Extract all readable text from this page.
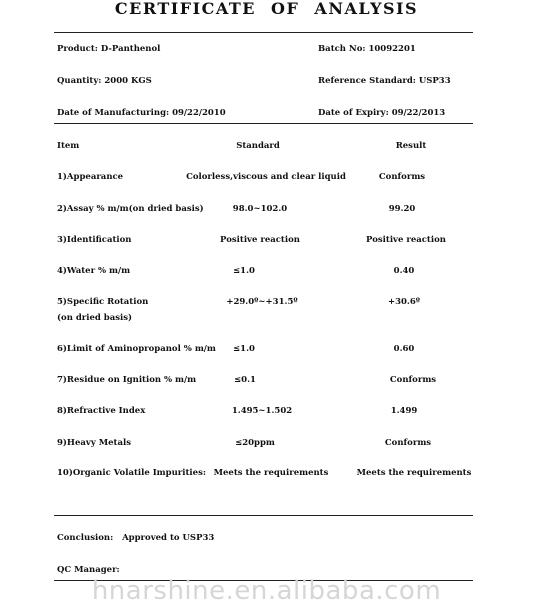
CERTIFICATE OF ANALYSIS
Product: D-Panthenol	Batch No: 10092201
Quantity: 2000 KGS	Reference Standard: USP33
Date of Manufacturing: 09/22/2010	Date of Expiry: 09/22/2013
Item	Standard	Result
1)Appearance	Colorless,viscous and clear liquid	Conforms
2)Assay % m/m(on dried basis)	98.0~102.0	99.20
3)Identification	Positive reaction	Positive reaction
4)Water % m/m	≤1.0	0.40
5)Specific Rotation
(on dried basis)
+29.0º~+31.5º	+30.6º
6)Limit of Aminopropanol % m/m ≤1.0	0.60
7)Residue on Ignition % m/m	≤0.1	Conforms
8)Refractive Index	1.495~1.502	1.499
9)Heavy Metals	≤20ppm	Conforms
10)Organic Volatile Impurities: Meets the requirements	Meets the requirements
Conclusion:   Approved to USP33
QC Manager:
hnarshine.en.alibaba.com
